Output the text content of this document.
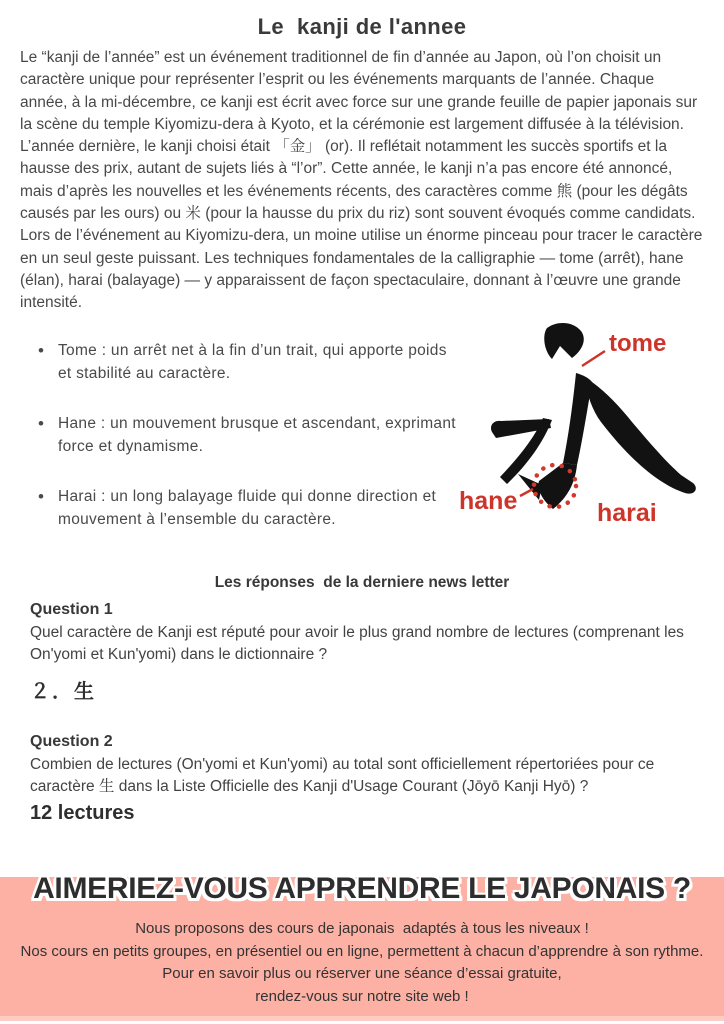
Le  kanji de l'annee

Le “kanji de l’année” est un événement traditionnel de fin d’année au Japon, où l’on choisit un caractère unique pour représenter l’esprit ou les événements marquants de l’année. Chaque année, à la mi-décembre, ce kanji est écrit avec force sur une grande feuille de papier japonais sur la scène du temple Kiyomizu-dera à Kyoto, et la cérémonie est largement diffusée à la télévision.

L’année dernière, le kanji choisi était 「金」 (or). Il reflétait notamment les succès sportifs et la hausse des prix, autant de sujets liés à “l’or”. Cette année, le kanji n’a pas encore été annoncé, mais d’après les nouvelles et les événements récents, des caractères comme 熊 (pour les dégâts causés par les ours) ou 米 (pour la hausse du prix du riz) sont souvent évoqués comme candidats.

Lors de l’événement au Kiyomizu-dera, un moine utilise un énorme pinceau pour tracer le caractère en un seul geste puissant. Les techniques fondamentales de la calligraphie — tome (arrêt), hane (élan), harai (balayage) — y apparaissent de façon spectaculaire, donnant à l’œuvre une grande intensité.

• Tome : un arrêt net à la fin d’un trait, qui apporte poids et stabilité au caractère.
• Hane : un mouvement brusque et ascendant, exprimant force et dynamisme.
• Harai : un long balayage fluide qui donne direction et mouvement à l’ensemble du caractère.
tome
hane	harai
Les réponses  de la derniere news letter
Question 1

Quel caractère de Kanji est réputé pour avoir le plus grand nombre de lectures (comprenant les On'yomi et Kun'yomi) dans le dictionnaire ?

２．生

Question 2

Combien de lectures (On'yomi et Kun'yomi) au total sont officiellement répertoriées pour ce caractère 生 dans la Liste Officielle des Kanji d'Usage Courant (Jōyō Kanji Hyō) ?

12 lectures

AIMERIEZ-VOUS APPRENDRE LE JAPONAIS ?

Nous proposons des cours de japonais  adaptés à tous les niveaux !

Nos cours en petits groupes, en présentiel ou en ligne, permettent à chacun d’apprendre à son rythme.

Pour en savoir plus ou réserver une séance d’essai gratuite,

rendez-vous sur notre site web !
